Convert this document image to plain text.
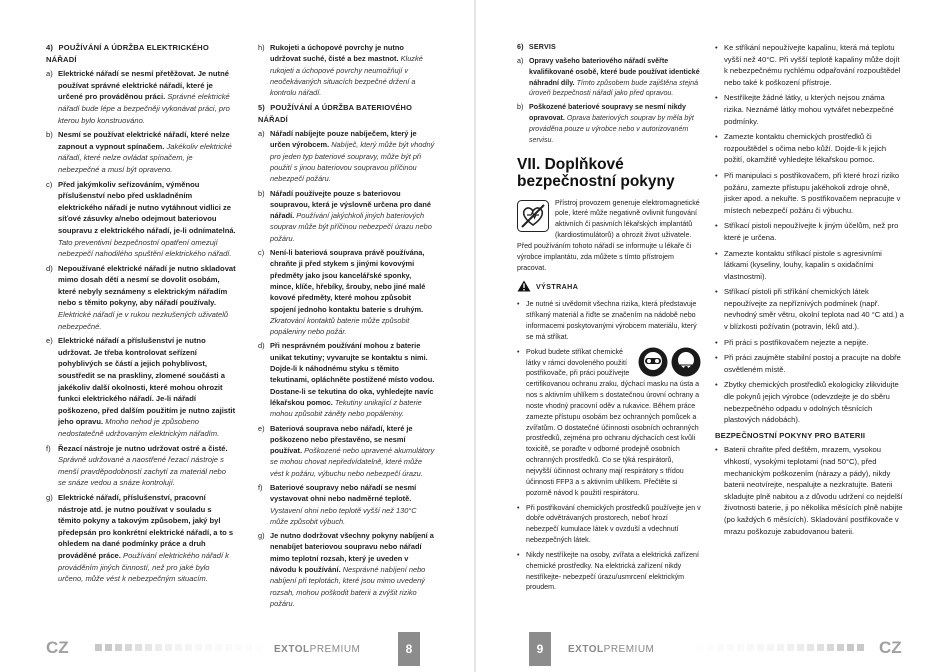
4) POUŽÍVÁNÍ A ÚDRŽBA ELEKTRICKÉHO NÁŘADÍ
a) Elektrické nářadí se nesmí přetěžovat. Je nutné používat správné elektrické nářadí, které je určené pro prováděnou práci. Správné elektrické nářadí bude lépe a bezpečněji vykonávat práci, pro kterou bylo konstruováno.
b) Nesmí se používat elektrické nářadí, které nelze zapnout a vypnout spínačem. Jakékoliv elektrické nářadí, které nelze ovládat spínačem, je nebezpečné a musí být opraveno.
c) Před jakýmkoliv seřizováním, výměnou příslušenství nebo před uskladněním elektrického nářadí je nutno vytáhnout vidlici ze síťové zásuvky a/nebo odejmout bateriovou soupravu z elektrického nářadí, je-li odnímatelná. Tato preventivní bezpečnostní opatření omezují nebezpečí nahodilého spuštění elektrického nářadí.
d) Nepoužívané elektrické nářadí je nutno skladovat mimo dosah dětí a nesmí se dovolit osobám, které nebyly seznámeny s elektrickým nářadím nebo s těmito pokyny, aby nářadí používaly. Elektrické nářadí je v rukou nezkušených uživatelů nebezpečné.
e) Elektrické nářadí a příslušenství je nutno udržovat. Je třeba kontrolovat seřízení pohyblivých se částí a jejich pohyblivost, soustředit se na praskliny, zlomené součásti a jakékoliv další okolnosti, které mohou ohrozit funkci elektrického nářadí. Je-li nářadí poškozeno, před dalším použitím je nutno zajistit jeho opravu. Mnoho nehod je způsobeno nedostatečně udržovaným elektrickým nářadím.
f) Řezací nástroje je nutno udržovat ostré a čisté. Správně udržované a naostřené řezací nástroje s menší pravděpodobností zachytí za materiál nebo se snáze vedou a snáze kontrolují.
g) Elektrické nářadí, příslušenství, pracovní nástroje atd. je nutno používat v souladu s těmito pokyny a takovým způsobem, jaký byl předepsán pro konkrétní elektrické nářadí, a to s ohledem na dané podmínky práce a druh prováděné práce. Používání elektrického nářadí k prováděním jiných činností, než pro jaké bylo určeno, může vést k nebezpečným situacím.
h) Rukojeti a úchopové povrchy je nutno udržovat suché, čisté a bez mastnot. Kluzké rukojeti a úchopové povrchy neumožňují v neočekávaných situacích bezpečné držení a kontrolu nářadí.
5) POUŽÍVÁNÍ A ÚDRŽBA BATERIOVÉHO NÁŘADÍ
a) Nářadí nabíjejte pouze nabíječem, který je určen výrobcem. Nabíječ, který může být vhodný pro jeden typ bateriové soupravy, může být při použití s jinou bateriovou soupravou příčinou nebezpečí požáru.
b) Nářadí používejte pouze s bateriovou soupravou, která je výslovně určena pro dané nářadí. Používání jakýchkoli jiných bateriových souprav může být příčinou nebezpečí úrazu nebo požáru.
c) Není-li bateriová souprava právě používána, chraňte ji před stykem s jinými kovovými předměty jako jsou kancelářské sponky, mince, klíče, hřebíky, šrouby, nebo jiné malé kovové předměty, které mohou způsobit spojení jednoho kontaktu baterie s druhým. Zkratování kontaktů baterie může způsobit popáleniny nebo požár.
d) Při nesprávném používání mohou z baterie unikat tekutiny; vyvarujte se kontaktu s nimi. Dojde-li k náhodnému styku s těmito tekutinami, opláchněte postižené místo vodou. Dostane-li se tekutina do oka, vyhledejte navíc lékařskou pomoc. Tekutiny unikající z baterie mohou způsobit záněty nebo popáleniny.
e) Bateriová souprava nebo nářadí, které je poškozeno nebo přestavěno, se nesmí používat. Poškozené nebo upravené akumulátory se mohou chovat nepředvídatelně, které může vést k požáru, výbuchu nebo nebezpečí úrazu.
f)	Bateriové soupravy nebo nářadí se nesmí vystavovat ohni nebo nadměrné teplotě. Vystavení ohni nebo teplotě vyšší než 130°C může způsobit výbuch.
g) Je nutno dodržovat všechny pokyny nabíjení a nenabíjet bateriovou soupravu nebo nářadí mimo teplotní rozsah, který je uveden v návodu k používání. Nesprávné nabíjení nebo nabíjení při teplotách, které jsou mimo uvedený rozsah, mohou poškodit baterii a zvýšit riziko požáru.
CZ	EXTOLPREMIUM	8
6) SERVIS
a) Opravy vašeho bateriového nářadí svěřte kvalifikované osobě, které bude používat identické náhradní díly. Tímto způsobem bude zajištěna stejná úroveň bezpečnosti nářadí jako před opravou.
b) Poškozené bateriové soupravy se nesmí nikdy opravovat. Oprava bateriových souprav by měla být prováděna pouze u výrobce nebo v autorizovaném servisu.
VII. Doplňkové bezpečnostní pokyny

Přístroj provozem generuje elektromagnetické pole, které může negativně ovlivnit fungování aktivních či pasivních lékařských implantátů (kardiostimulátorů) a ohrozit život uživatele. Před používáním tohoto nářadí se informujte u lékaře či výrobce implantátu, zda můžete s tímto přístrojem pracovat.

VÝSTRAHA
• Je nutné si uvědomit všechna rizika, která představuje stříkaný materiál a řiďte se značením na nádobě nebo informacemi poskytovanými výrobcem materiálu, který se má stříkat.
• Pokud budete stříkat chemické látky v rámci dovoleného použití postřikovače, při práci používejte certifikovanou ochranu zraku, dýchací masku na ústa a nos s aktivním uhlíkem s dostatečnou úrovní ochrany a noste vhodný pracovní oděv a rukavice. Během práce zamezte přístupu osobám bez ochranných pomůcek a zvířatům. O dostatečné účinnosti osobních ochranných prostředků, zejména pro ochranu dýchacích cest kvůli toxicitě, se poraďte v odborné prodejně osobních ochranných prostředků. Co se týká respirátorů, nejvyšší účinnost ochrany mají respirátory s třídou účinnosti FFP3 a s aktivním uhlíkem. Přečtěte si pozorně návod k použití respirátoru.
• Při postřikování chemických prostředků používejte jen v dobře odvětrávaných prostorech, neboť hrozí nebezpečí kumulace látek v ovzduší a vdechnutí nebezpečných látek.
• Nikdy nestříkejte na osoby, zvířata a elektrická zařízení chemické prostředky. Na elektrická zařízení nikdy nestříkejte- nebezpečí úrazu/usmrcení elektrickým proudem.
• Ke stříkání nepoužívejte kapalinu, která má teplotu vyšší než 40°C. Při vyšší teplotě kapaliny může dojít k nebezpečnému rychlému odpařování rozpouštědel nebo také k poškození přístroje.
• Nestříkejte žádné látky, u kterých nejsou známa rizika. Neznámé látky mohou vytvářet nebezpečné podmínky.
• Zamezte kontaktu chemických prostředků či rozpouštědel s očima nebo kůží. Dojde-li k jejich požití, okamžitě vyhledejte lékařskou pomoc.
• Při manipulaci s postřikovačem, při které hrozí riziko požáru, zamezte přístupu jakéhokoli zdroje ohně, jisker apod. a nekuřte. S postřikovačem nepracujte v místech nebezpečí požáru či výbuchu.
• Stříkací pistoli nepoužívejte k jiným účelům, než pro které je určena.
• Zamezte kontaktu stříkací pistole s agresivními látkami (kyseliny, louhy, kapalin s oxidačními vlastnostmi).
• Stříkací pistoli při stříkání chemických látek nepoužívejte za nepříznivých podmínek (např. nevhodný směr větru, okolní teplota nad 40 °C atd.) a v blízkosti požívatin (potravin, léků atd.).
• Při práci s postřikovačem nejezte a nepijte.
• Při práci zaujměte stabilní postoj a pracujte na dobře osvětleném místě.
• Zbytky chemických prostředků ekologicky zlikvidujte dle pokynů jejich výrobce (odevzdejte je do sběru nebezpečného odpadu v odolných těsnících plastových nádobách).
BEZPEČNOSTNÍ POKYNY PRO BATERII
• Baterii chraňte před deštěm, mrazem, vysokou vlhkostí, vysokými teplotami (nad 50°C), před mechanickým poškozením (nárazy a pády), nikdy baterii neotvírejte, nespalujte a nezkratujte. Baterii skladujte plně nabitou a z důvodu udržení co nejdelší životnosti baterie, ji po několika měsících plně nabijte (po každých 6 měsících). Skladování postřikovače v mrazu poškozuje zabudovanou baterii.
9	EXTOLPREMIUM	CZ
